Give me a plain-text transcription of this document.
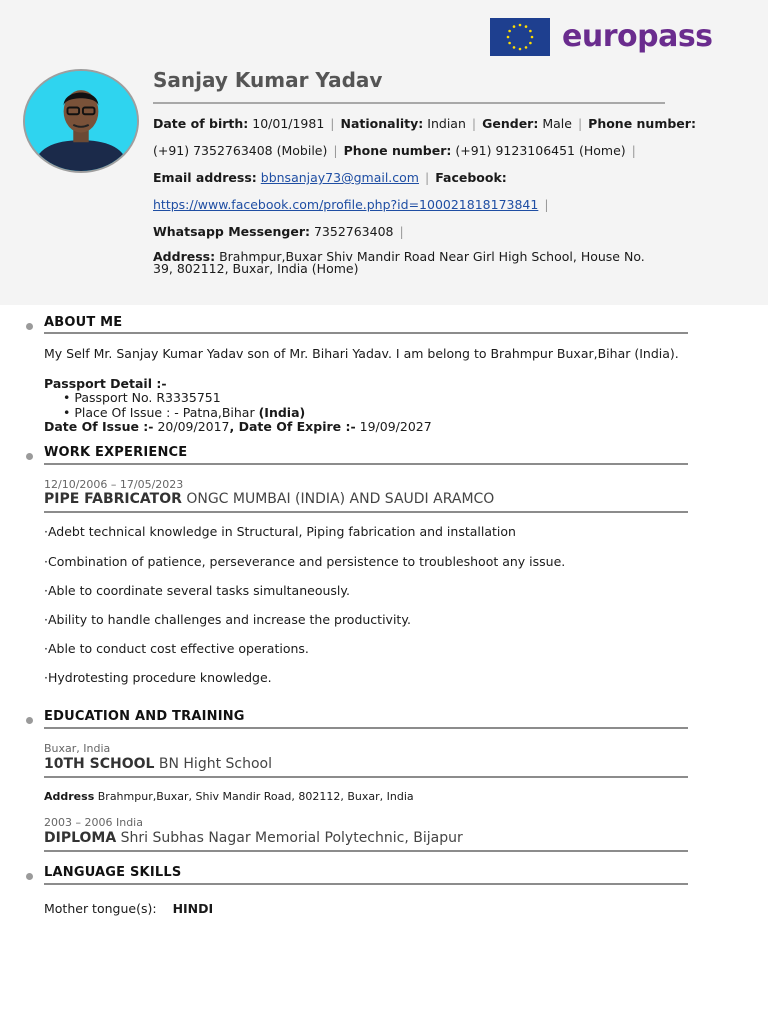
europass
Sanjay Kumar Yadav
Date of birth: 10/01/1981 | Nationality: Indian | Gender: Male | Phone number:
(+91) 7352763408 (Mobile) | Phone number: (+91) 9123106451 (Home) |
Email address: bbnsanjay73@gmail.com | Facebook:
https://www.facebook.com/profile.php?id=100021818173841 |
Whatsapp Messenger: 7352763408 |
Address: Brahmpur,Buxar Shiv Mandir Road Near Girl High School, House No.
39, 802112, Buxar, India (Home)
ABOUT ME
My Self Mr. Sanjay Kumar Yadav son of Mr. Bihari Yadav. I am belong to Brahmpur Buxar,Bihar (India).
Passport Detail :-
• Passport No. R3335751
• Place Of Issue : - Patna,Bihar (India)
Date Of Issue :- 20/09/2017, Date Of Expire :- 19/09/2027
WORK EXPERIENCE
12/10/2006 – 17/05/2023
PIPE FABRICATOR ONGC MUMBAI (INDIA) AND SAUDI ARAMCO
·Adebt technical knowledge in Structural, Piping fabrication and installation
·Combination of patience, perseverance and persistence to troubleshoot any issue.
·Able to coordinate several tasks simultaneously.
·Ability to handle challenges and increase the productivity.
·Able to conduct cost effective operations.
·Hydrotesting procedure knowledge.
EDUCATION AND TRAINING
Buxar, India
10TH SCHOOL BN Hight School
Address Brahmpur,Buxar, Shiv Mandir Road, 802112, Buxar, India
2003 – 2006 India
DIPLOMA Shri Subhas Nagar Memorial Polytechnic, Bijapur
LANGUAGE SKILLS
Mother tongue(s): HINDI
